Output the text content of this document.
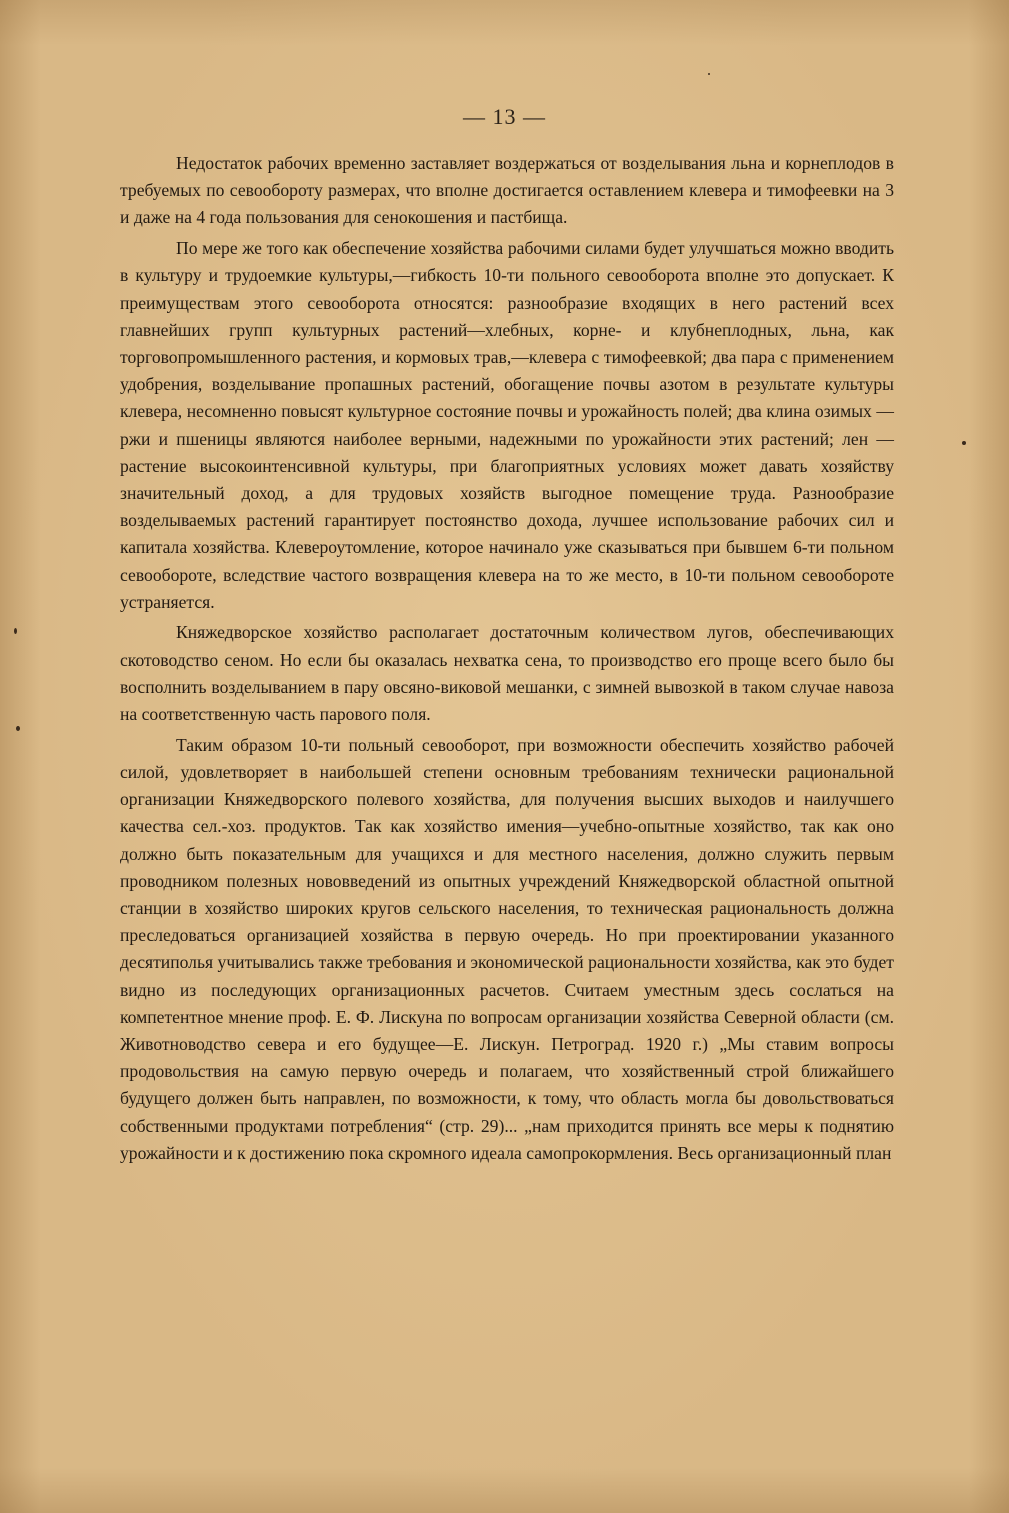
— 13 —

Недостаток рабочих временно заставляет воздержаться от возделывания льна и корнеплодов в требуемых по севообороту размерах, что вполне достигается оставлением клевера и тимофеевки на 3 и даже на 4 года пользования для сенокошения и пастбища.

По мере же того как обеспечение хозяйства рабочими силами будет улучшаться можно вводить в культуру и трудоемкие культуры,—гибкость 10-ти польного севооборота вполне это допускает. К преимуществам этого севооборота относятся: разнообразие входящих в него растений всех главнейших групп культурных растений—хлебных, корне- и клубнеплодных, льна, как торговопромышленного растения, и кормовых трав,—клевера с тимофеевкой; два пара с применением удобрения, возделывание пропашных растений, обогащение почвы азотом в результате культуры клевера, несомненно повысят культурное состояние почвы и урожайность полей; два клина озимых — ржи и пшеницы являются наиболее верными, надежными по урожайности этих растений; лен — растение высокоинтенсивной культуры, при благоприятных условиях может давать хозяйству значительный доход, а для трудовых хозяйств выгодное помещение труда. Разнообразие возделываемых растений гарантирует постоянство дохода, лучшее использование рабочих сил и капитала хозяйства. Клевероутомление, которое начинало уже сказываться при бывшем 6-ти польном севообороте, вследствие частого возвращения клевера на то же место, в 10-ти польном севообороте устраняется.

Княжедворское хозяйство располагает достаточным количеством лугов, обеспечивающих скотоводство сеном. Но если бы оказалась нехватка сена, то производство его проще всего было бы восполнить возделыванием в пару овсяно-виковой мешанки, с зимней вывозкой в таком случае навоза на соответственную часть парового поля.

Таким образом 10-ти польный севооборот, при возможности обеспечить хозяйство рабочей силой, удовлетворяет в наибольшей степени основным требованиям технически рациональной организации Княжедворского полевого хозяйства, для получения высших выходов и наилучшего качества сел.-хоз. продуктов. Так как хозяйство имения—учебно-опытные хозяйство, так как оно должно быть показательным для учащихся и для местного населения, должно служить первым проводником полезных нововведений из опытных учреждений Княжедворской областной опытной станции в хозяйство широких кругов сельского населения, то техническая рациональность должна преследоваться организацией хозяйства в первую очередь. Но при проектировании указанного десятиполья учитывались также требования и экономической рациональности хозяйства, как это будет видно из последующих организационных расчетов. Считаем уместным здесь сослаться на компетентное мнение проф. Е. Ф. Лискуна по вопросам организации хозяйства Северной области (см. Животноводство севера и его будущее—Е. Лискун. Петроград. 1920 г.) „Мы ставим вопросы продовольствия на самую первую очередь и полагаем, что хозяйственный строй ближайшего будущего должен быть направлен, по возможности, к тому, что область могла бы довольствоваться собственными продуктами потребления“ (стр. 29)... „нам приходится принять все меры к поднятию урожайности и к достижению пока скромного идеала самопрокормления. Весь организационный план
